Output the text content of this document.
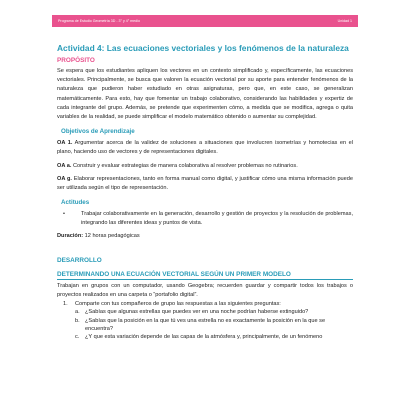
Programa de Estudio Geometría 3D - 3° y 4° medio	Unidad 1
Actividad 4: Las ecuaciones vectoriales y los fenómenos de la naturaleza
PROPÓSITO

Se espera que los estudiantes apliquen los vectores en un contexto simplificado y, específicamente, las ecuaciones vectoriales. Principalmente, se busca que valoren la ecuación vectorial por su aporte para entender fenómenos de la naturaleza que pudieron haber estudiado en otras asignaturas, pero que, en este caso, se generalizan matemáticamente. Para esto, hay que fomentar un trabajo colaborativo, considerando las habilidades y expertiz de cada integrante del grupo. Además, se pretende que experimenten cómo, a medida que se modifica, agrega o quita variables de la realidad, se puede simplificar el modelo matemático obtenido o aumentar su complejidad.

Objetivos de Aprendizaje

OA 1. Argumentar acerca de la validez de soluciones a situaciones que involucren isometrías y homotecias en el plano, haciendo uso de vectores y de representaciones digitales.

OA a. Construir y evaluar estrategias de manera colaborativa al resolver problemas no rutinarios.

OA g. Elaborar representaciones, tanto en forma manual como digital, y justificar cómo una misma información puede ser utilizada según el tipo de representación.

Actitudes
•	Trabajar colaborativamente en la generación, desarrollo y gestión de proyectos y la resolución de problemas, integrando las diferentes ideas y puntos de vista.

Duración: 12 horas pedagógicas

DESARROLLO
DETERMINANDO UNA ECUACIÓN VECTORIAL SEGÚN UN PRIMER MODELO

Trabajan en grupos con un computador, usando Geogebra; recuerden guardar y compartir todos los trabajos o proyectos realizados en una carpeta o “portafolio digital”.

1.	Comparte con tus compañeros de grupo las respuestas a las siguientes preguntas:
a. ¿Sabías que algunas estrellas que puedes ver en una noche podrían haberse extinguido?
b. ¿Sabías que la posición en la que tú ves una estrella no es exactamente la posición en la que se encuentra?
c.	¿Y que esta variación depende de las capas de la atmósfera y, principalmente, de un fenómeno
